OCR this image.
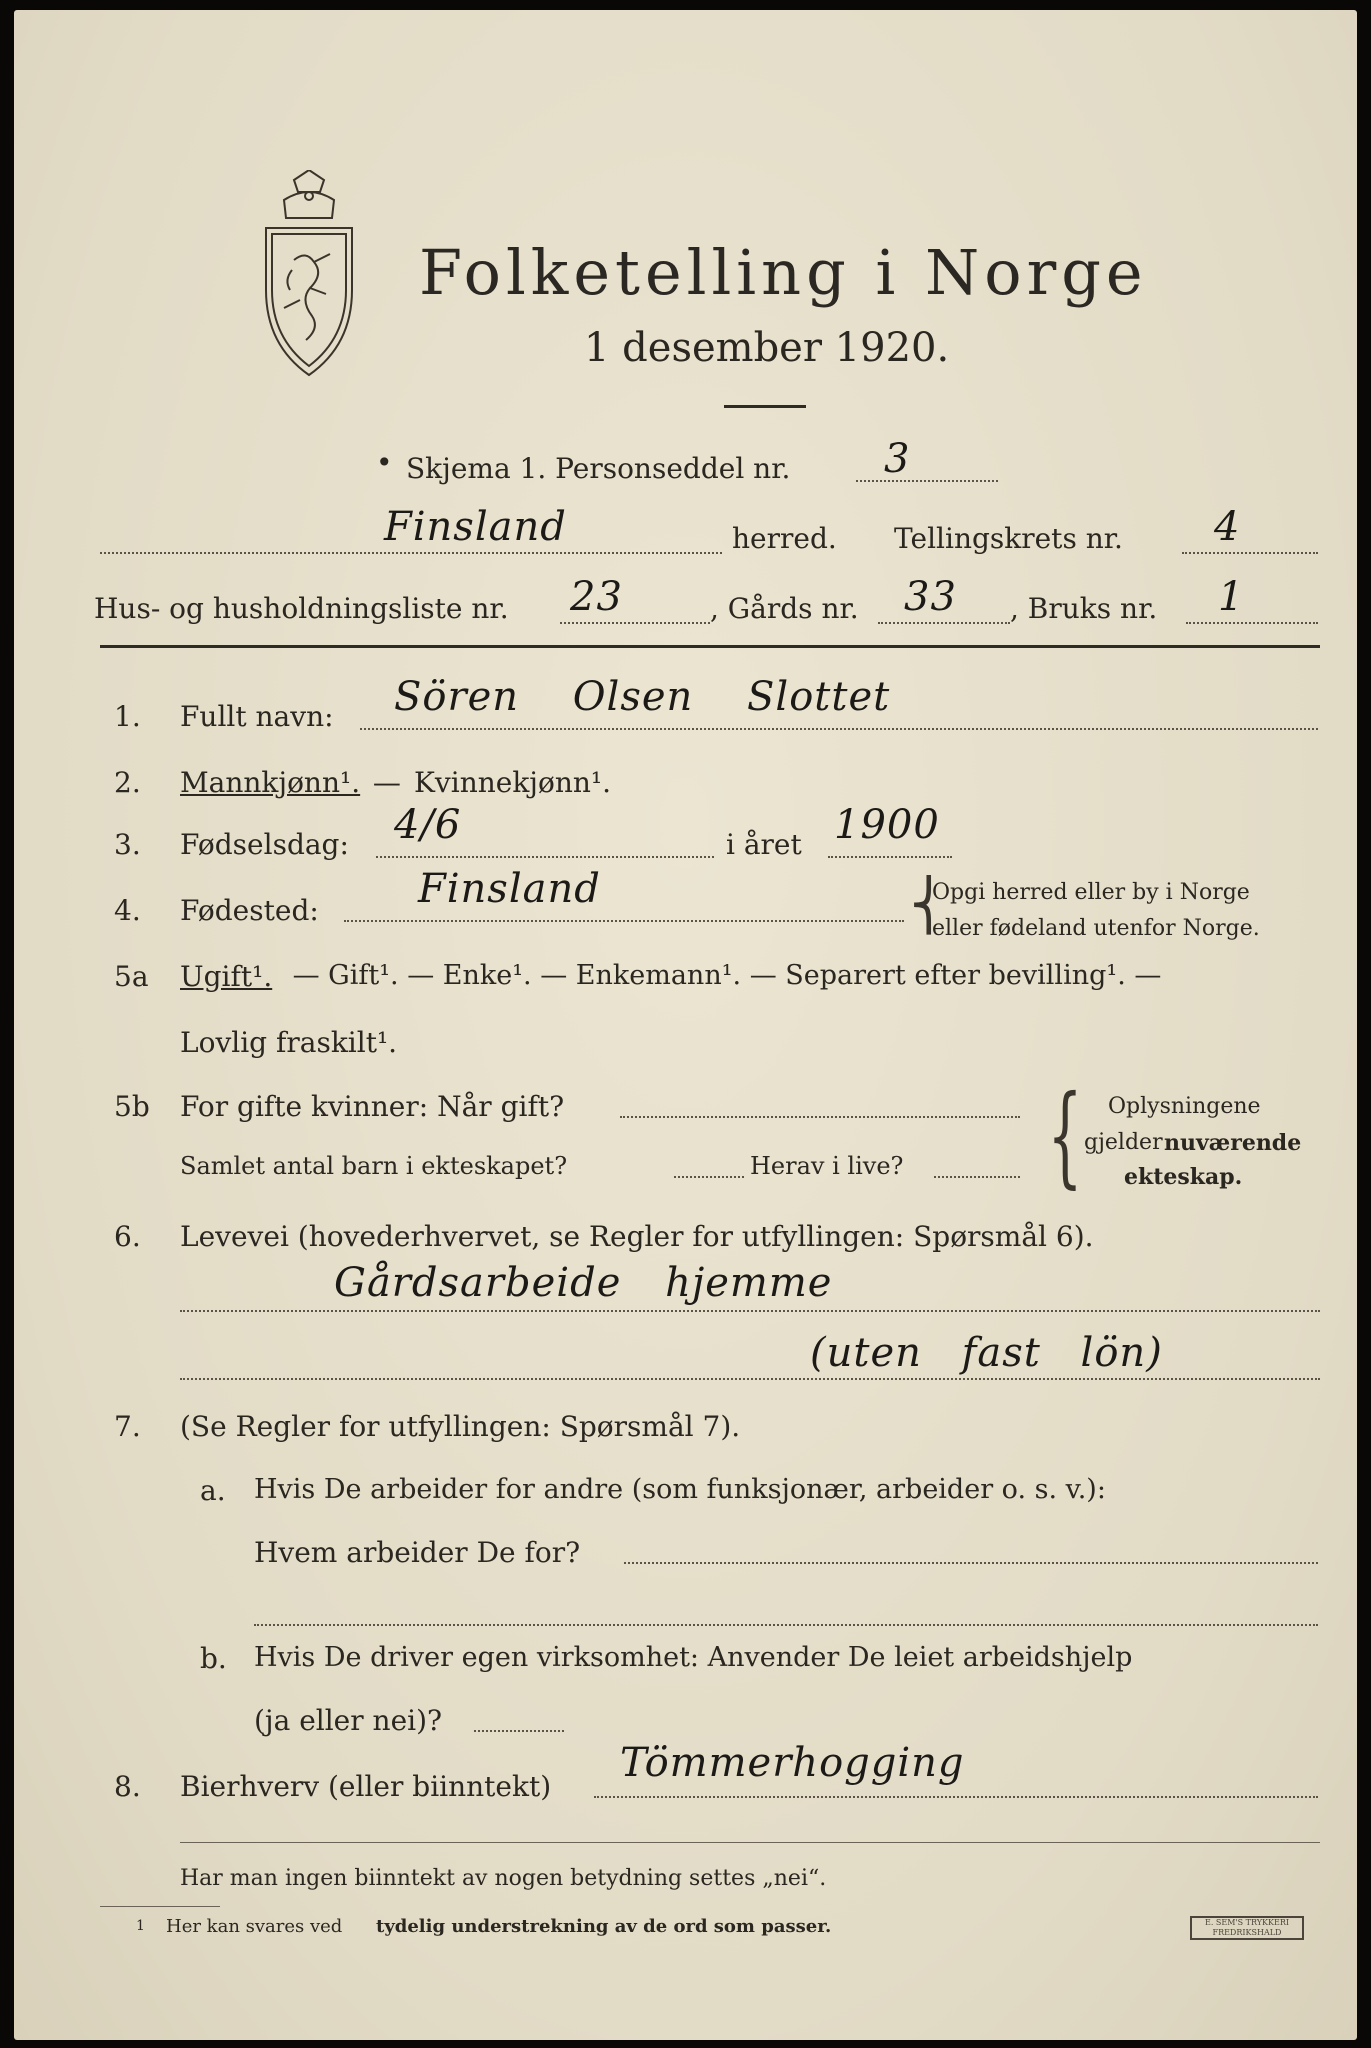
Folketelling i Norge
1 desember 1920.
• Skjema 1. Personseddel nr. 3
Finsland	herred. Tellingskrets nr. 4
Hus- og husholdningsliste nr. 23	, Gårds nr. 33 , Bruks nr. 1
1. Fullt navn: Sören Olsen Slottet
2. Mannkjønn¹. — Kvinnekjønn¹.
3. Fødselsdag: 4/6	i året 1900
4. Fødested: Finsland	⎨
Opgi herred eller by i Norge
eller fødeland utenfor Norge.
5a Ugift¹. — Gift¹. — Enke¹. — Enkemann¹. — Separert efter bevilling¹. —
Lovlig fraskilt¹.
5b For gifte kvinner: Når gift?	{ Oplysningene
Samlet antal barn i ekteskapet?	Herav i live?
gjelder nuværende
ekteskap.
6. Levevei (hovederhvervet, se Regler for utfyllingen: Spørsmål 6).
Gårdsarbeide hjemme
(uten fast lön)
7. (Se Regler for utfyllingen: Spørsmål 7).
a. Hvis De arbeider for andre (som funksjonær, arbeider o. s. v.):
Hvem arbeider De for?
b. Hvis De driver egen virksomhet: Anvender De leiet arbeidshjelp
(ja eller nei)?
8. Bierhverv (eller biinntekt)
Tömmerhogging
Har man ingen biinntekt av nogen betydning settes „nei“.
1 Her kan svares ved tydelig understrekning av de ord som passer.	E. SEM'S TRYKKERI FREDRIKSHALD
